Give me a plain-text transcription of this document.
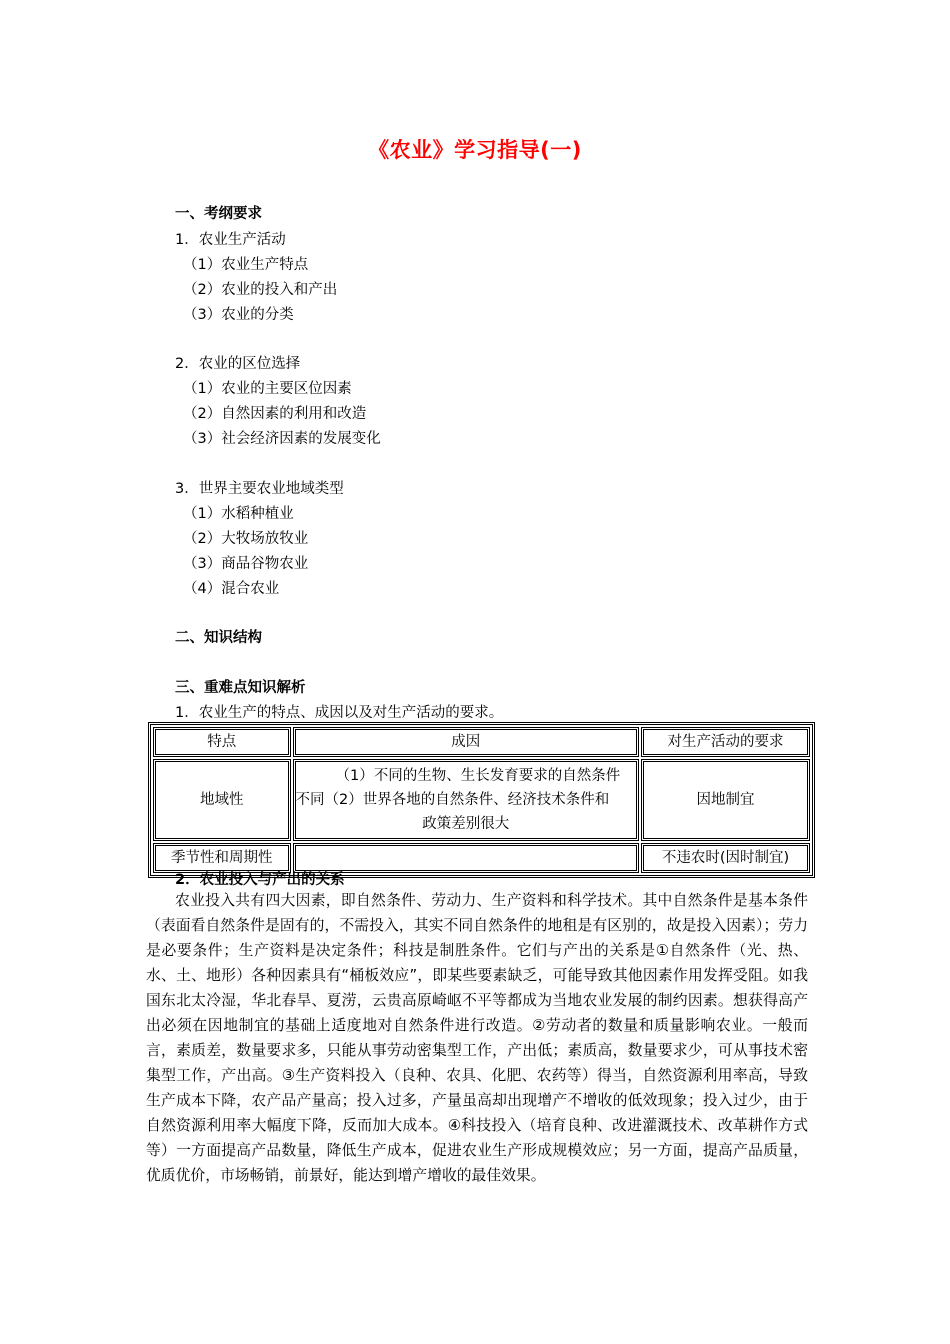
《农业》学习指导(一)
一、考纲要求
1．农业生产活动
（1）农业生产特点
（2）农业的投入和产出
（3）农业的分类
2．农业的区位选择
（1）农业的主要区位因素
（2）自然因素的利用和改造
（3）社会经济因素的发展变化
3．世界主要农业地域类型
（1）水稻种植业
（2）大牧场放牧业
（3）商品谷物农业
（4）混合农业
二、知识结构
三、重难点知识解析
1．农业生产的特点、成因以及对生产活动的要求。
特点	成因	对生产活动的要求
地域性	（1）不同的生物、生长发育要求的自然条件
不同（2）世界各地的自然条件、经济技术条件和
政策差别很大	因地制宜
季节性和周期性		不违农时(因时制宜)
2．农业投入与产出的关系
农业投入共有四大因素，即自然条件、劳动力、生产资料和科学技术。其中自然条件是基本条件（表面看自然条件是固有的，不需投入，其实不同自然条件的地租是有区别的，故是投入因素）；劳力是必要条件；生产资料是决定条件；科技是制胜条件。它们与产出的关系是①自然条件（光、热、水、土、地形）各种因素具有“桶板效应”，即某些要素缺乏，可能导致其他因素作用发挥受阻。如我国东北太冷湿，华北春旱、夏涝，云贵高原崎岖不平等都成为当地农业发展的制约因素。想获得高产出必须在因地制宜的基础上适度地对自然条件进行改造。②劳动者的数量和质量影响农业。一般而言，素质差，数量要求多，只能从事劳动密集型工作，产出低；素质高，数量要求少，可从事技术密集型工作，产出高。③生产资料投入（良种、农具、化肥、农药等）得当，自然资源利用率高，导致生产成本下降，农产品产量高；投入过多，产量虽高却出现增产不增收的低效现象；投入过少，由于自然资源利用率大幅度下降，反而加大成本。④科技投入（培育良种、改进灌溉技术、改革耕作方式等）一方面提高产品数量，降低生产成本，促进农业生产形成规模效应；另一方面，提高产品质量，优质优价，市场畅销，前景好，能达到增产增收的最佳效果。
